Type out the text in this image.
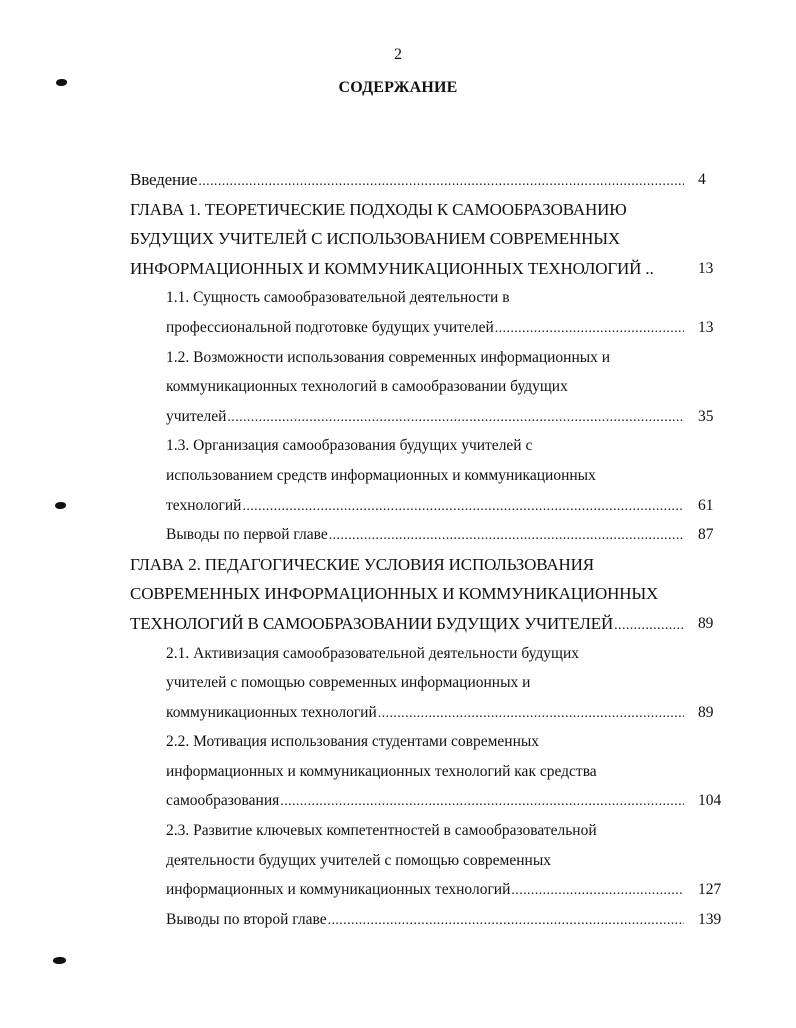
2
СОДЕРЖАНИЕ
Введение .....	4
ГЛАВА 1. ТЕОРЕТИЧЕСКИЕ ПОДХОДЫ К САМООБРАЗОВАНИЮ
БУДУЩИХ УЧИТЕЛЕЙ С ИСПОЛЬЗОВАНИЕМ СОВРЕМЕННЫХ
ИНФОРМАЦИОННЫХ И КОММУНИКАЦИОННЫХ ТЕХНОЛОГИЙ ..	13
1.1. Сущность самообразовательной деятельности в
профессиональной подготовке будущих учителей .....	13
1.2. Возможности использования современных информационных и
коммуникационных технологий в самообразовании будущих
учителей .....	35
1.3. Организация самообразования будущих учителей с
использованием средств информационных и коммуникационных
технологий .....	61
Выводы по первой главе .....	87
ГЛАВА 2. ПЕДАГОГИЧЕСКИЕ УСЛОВИЯ ИСПОЛЬЗОВАНИЯ
СОВРЕМЕННЫХ ИНФОРМАЦИОННЫХ И КОММУНИКАЦИОННЫХ
ТЕХНОЛОГИЙ В САМООБРАЗОВАНИИ БУДУЩИХ УЧИТЕЛЕЙ .....	89
2.1. Активизация самообразовательной деятельности будущих
учителей с помощью современных информационных и
коммуникационных технологий .....	89
2.2. Мотивация использования студентами современных
информационных и коммуникационных технологий как средства
самообразования .....	104
2.3. Развитие ключевых компетентностей в самообразовательной
деятельности будущих учителей с помощью современных
информационных и коммуникационных технологий .....	127
Выводы по второй главе .....	139
